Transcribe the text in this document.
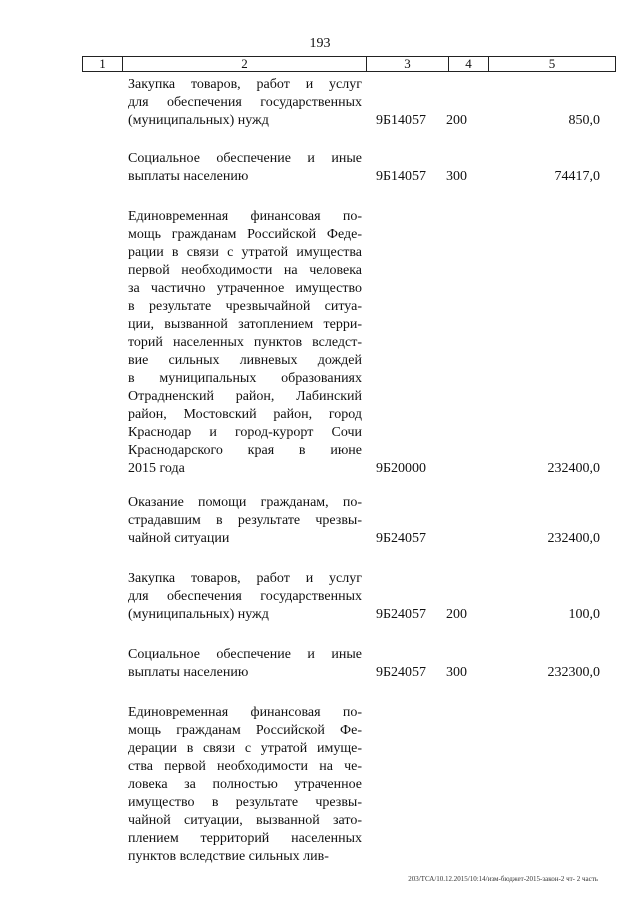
193
1	2	3	4	5
Закупка товаров, работ и услуг
для обеспечения государственных
(муниципальных) нужд	9Б14057 200	850,0
Социальное обеспечение и иные
выплаты населению	9Б14057 300	74417,0
Единовременная финансовая по-
мощь гражданам Российской Феде-
рации в связи с утратой имущества
первой необходимости на человека
за частично утраченное имущество
в результате чрезвычайной ситуа-
ции, вызванной затоплением терри-
торий населенных пунктов вследст-
вие сильных ливневых дождей
в муниципальных образованиях
Отрадненский район, Лабинский
район, Мостовский район, город
Краснодар и город-курорт Сочи
Краснодарского края в июне
2015 года	9Б20000	232400,0
Оказание помощи гражданам, по-
страдавшим в результате чрезвы-
чайной ситуации	9Б24057	232400,0
Закупка товаров, работ и услуг
для обеспечения государственных
(муниципальных) нужд	9Б24057 200	100,0
Социальное обеспечение и иные
выплаты населению	9Б24057 300	232300,0
Единовременная финансовая по-
мощь гражданам Российской Фе-
дерации в связи с утратой имуще-
ства первой необходимости на че-
ловека за полностью утраченное
имущество в результате чрезвы-
чайной ситуации, вызванной зато-
плением территорий населенных
пунктов вследствие сильных лив-
203/ТСА/10.12.2015/10:14/изм-бюджет-2015-закон-2 чт- 2 часть
